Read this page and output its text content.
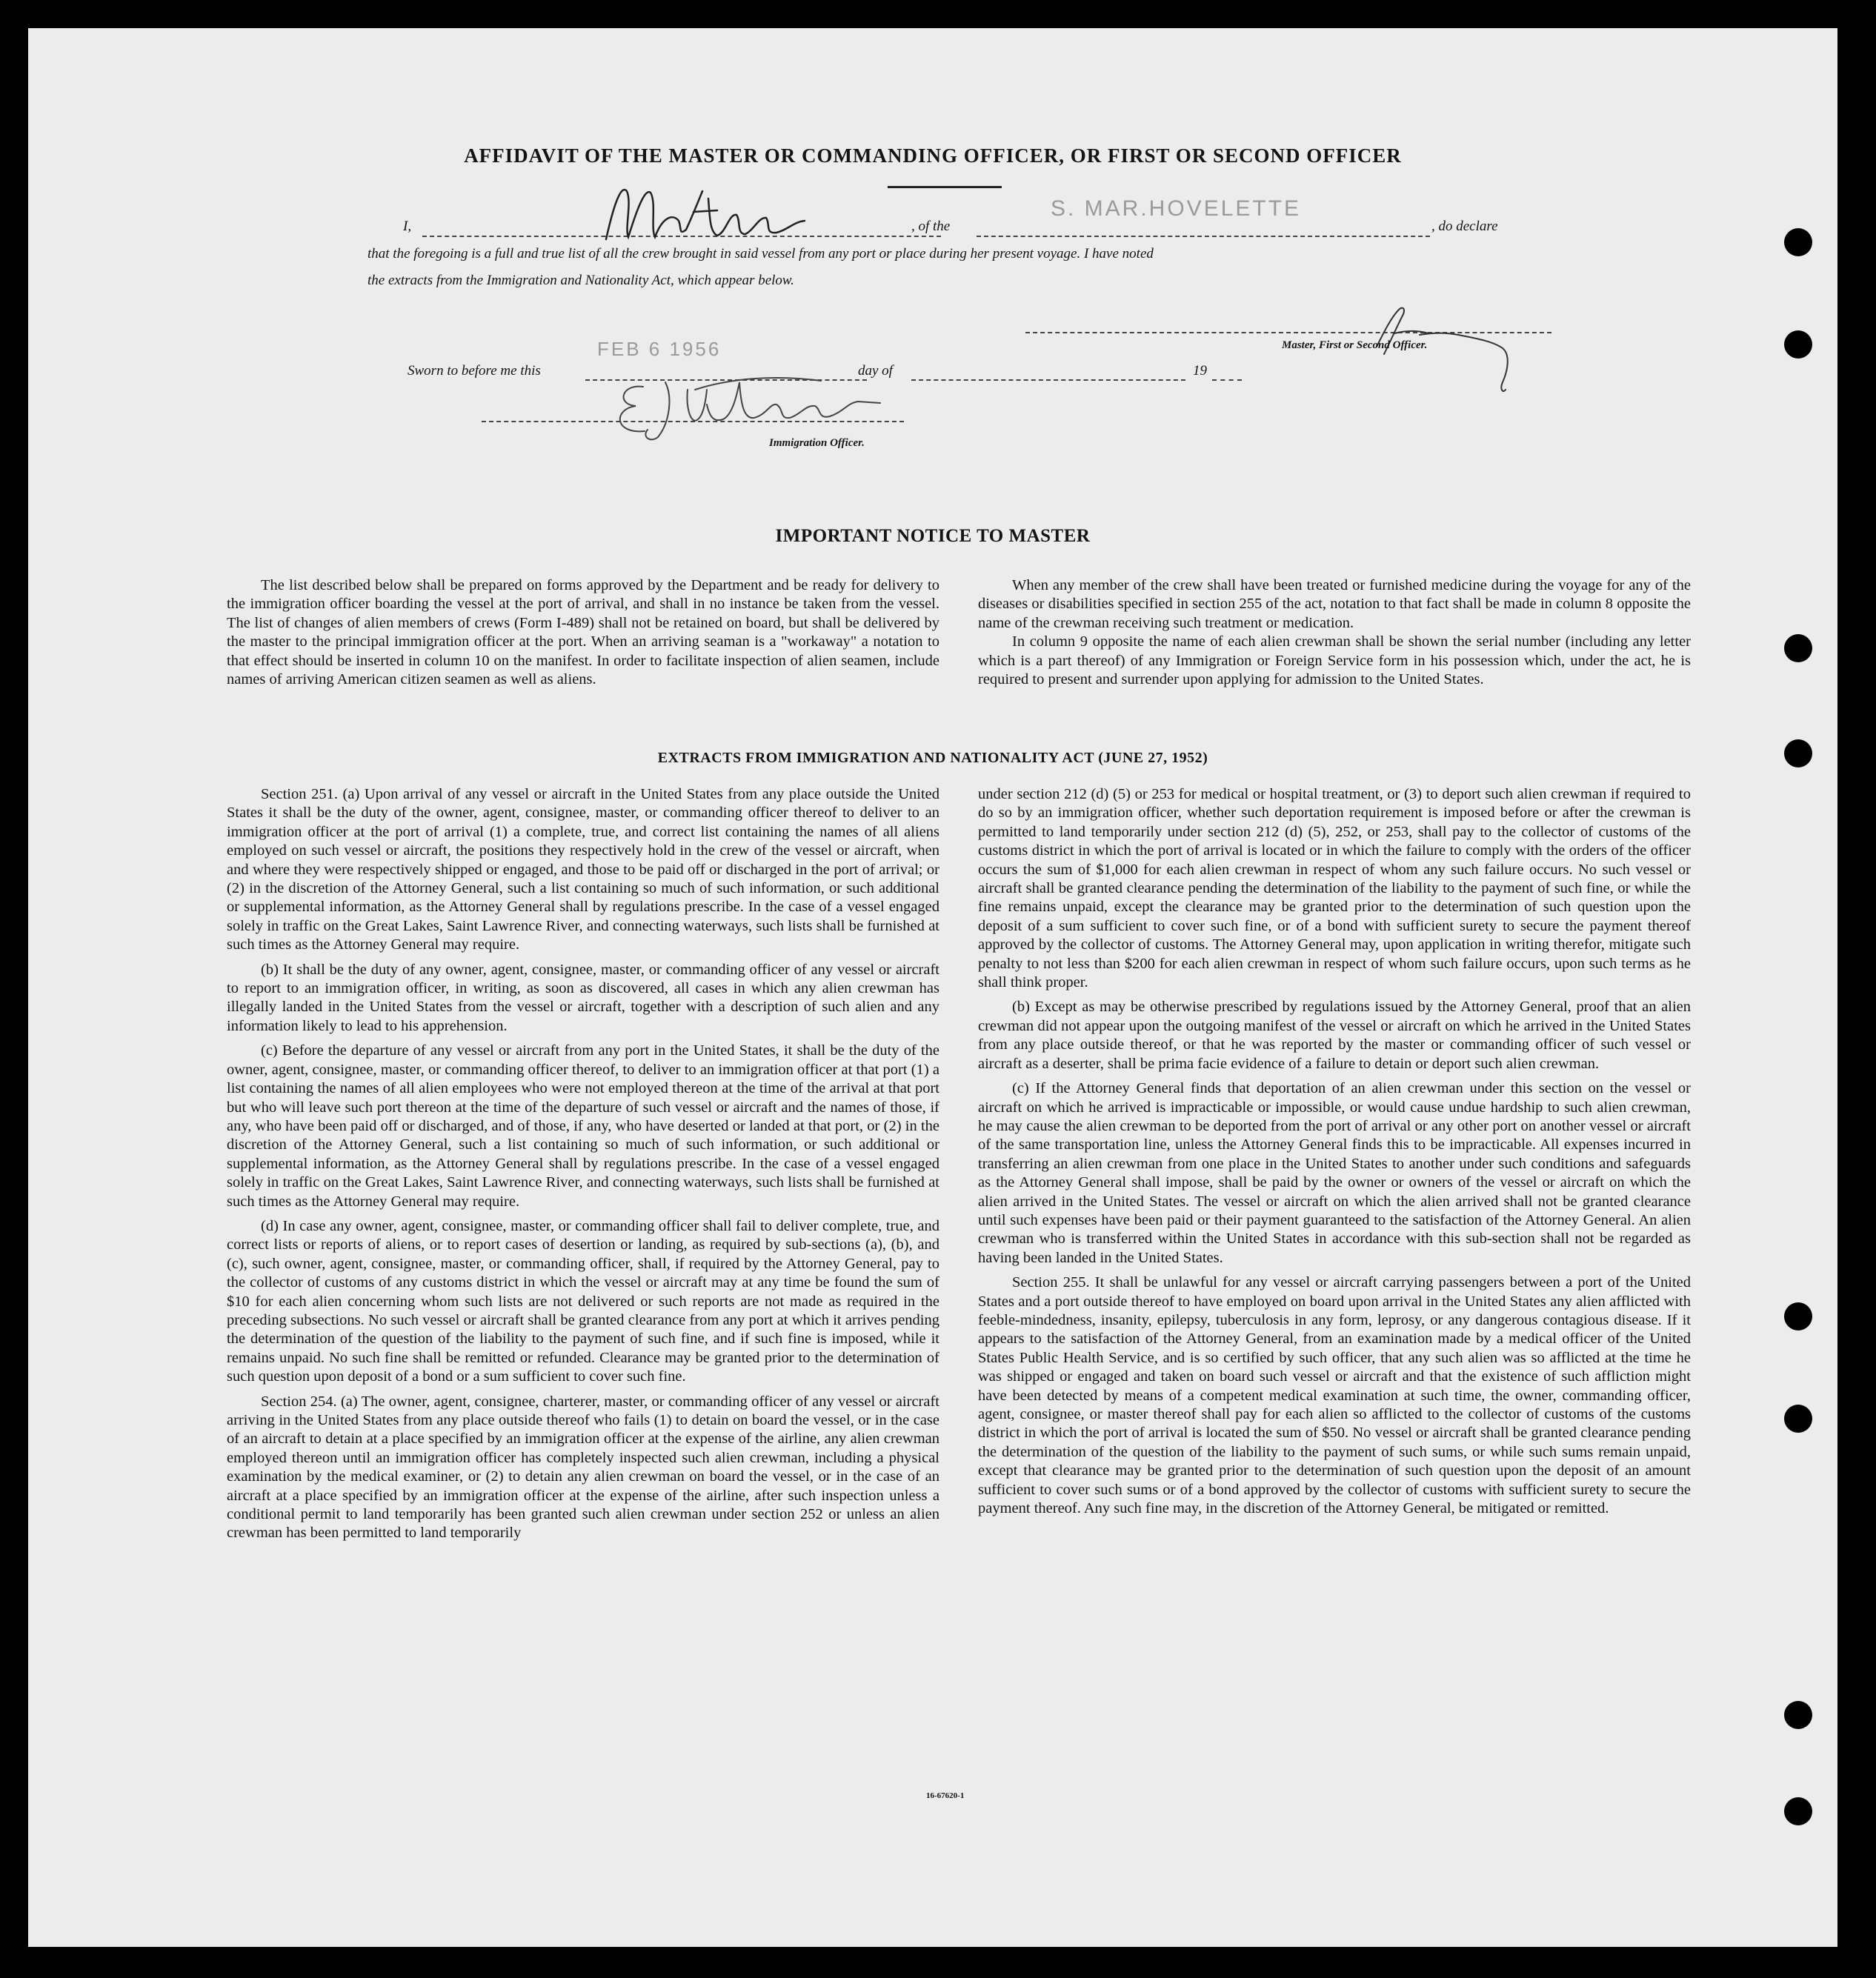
AFFIDAVIT OF THE MASTER OR COMMANDING OFFICER, OR FIRST OR SECOND OFFICER
I,	, of the
S. MAR.HOVELETTE
, do declare
that the foregoing is a full and true list of all the crew brought in said vessel from any port or place during her present voyage. I have noted
the extracts from the Immigration and Nationality Act, which appear below.
Master, First or Second Officer.
FEB 6 1956
Sworn to before me this	day of	19
Immigration Officer.
IMPORTANT NOTICE TO MASTER

The list described below shall be prepared on forms approved by the Department and be ready for delivery to the immigration officer boarding the vessel at the port of arrival, and shall in no instance be taken from the vessel. The list of changes of alien members of crews (Form I-489) shall not be retained on board, but shall be delivered by the master to the principal immigration officer at the port. When an arriving seaman is a "workaway" a notation to that effect should be inserted in column 10 on the manifest. In order to facilitate inspection of alien seamen, include names of arriving American citizen seamen as well as aliens.

When any member of the crew shall have been treated or furnished medicine during the voyage for any of the diseases or disabilities specified in section 255 of the act, notation to that fact shall be made in column 8 opposite the name of the crewman receiving such treatment or medication.

In column 9 opposite the name of each alien crewman shall be shown the serial number (including any letter which is a part thereof) of any Immigration or Foreign Service form in his possession which, under the act, he is required to present and surrender upon applying for admission to the United States.

EXTRACTS FROM IMMIGRATION AND NATIONALITY ACT (JUNE 27, 1952)

Section 251. (a) Upon arrival of any vessel or aircraft in the United States from any place outside the United States it shall be the duty of the owner, agent, consignee, master, or commanding officer thereof to deliver to an immigration officer at the port of arrival (1) a complete, true, and correct list containing the names of all aliens employed on such vessel or aircraft, the positions they respectively hold in the crew of the vessel or aircraft, when and where they were respectively shipped or engaged, and those to be paid off or discharged in the port of arrival; or (2) in the discretion of the Attorney General, such a list containing so much of such information, or such additional or supplemental information, as the Attorney General shall by regulations prescribe. In the case of a vessel engaged solely in traffic on the Great Lakes, Saint Lawrence River, and connecting waterways, such lists shall be furnished at such times as the Attorney General may require.

(b) It shall be the duty of any owner, agent, consignee, master, or commanding officer of any vessel or aircraft to report to an immigration officer, in writing, as soon as discovered, all cases in which any alien crewman has illegally landed in the United States from the vessel or aircraft, together with a description of such alien and any information likely to lead to his apprehension.

(c) Before the departure of any vessel or aircraft from any port in the United States, it shall be the duty of the owner, agent, consignee, master, or commanding officer thereof, to deliver to an immigration officer at that port (1) a list containing the names of all alien employees who were not employed thereon at the time of the arrival at that port but who will leave such port thereon at the time of the departure of such vessel or aircraft and the names of those, if any, who have been paid off or discharged, and of those, if any, who have deserted or landed at that port, or (2) in the discretion of the Attorney General, such a list containing so much of such information, or such additional or supplemental information, as the Attorney General shall by regulations prescribe. In the case of a vessel engaged solely in traffic on the Great Lakes, Saint Lawrence River, and connecting waterways, such lists shall be furnished at such times as the Attorney General may require.

(d) In case any owner, agent, consignee, master, or commanding officer shall fail to deliver complete, true, and correct lists or reports of aliens, or to report cases of desertion or landing, as required by sub-sections (a), (b), and (c), such owner, agent, consignee, master, or commanding officer, shall, if required by the Attorney General, pay to the collector of customs of any customs district in which the vessel or aircraft may at any time be found the sum of $10 for each alien concerning whom such lists are not delivered or such reports are not made as required in the preceding subsections. No such vessel or aircraft shall be granted clearance from any port at which it arrives pending the determination of the question of the liability to the payment of such fine, and if such fine is imposed, while it remains unpaid. No such fine shall be remitted or refunded. Clearance may be granted prior to the determination of such question upon deposit of a bond or a sum sufficient to cover such fine.

Section 254. (a) The owner, agent, consignee, charterer, master, or commanding officer of any vessel or aircraft arriving in the United States from any place outside thereof who fails (1) to detain on board the vessel, or in the case of an aircraft to detain at a place specified by an immigration officer at the expense of the airline, any alien crewman employed thereon until an immigration officer has completely inspected such alien crewman, including a physical examination by the medical examiner, or (2) to detain any alien crewman on board the vessel, or in the case of an aircraft at a place specified by an immigration officer at the expense of the airline, after such inspection unless a conditional permit to land temporarily has been granted such alien crewman under section 252 or unless an alien crewman has been permitted to land temporarily

under section 212 (d) (5) or 253 for medical or hospital treatment, or (3) to deport such alien crewman if required to do so by an immigration officer, whether such deportation requirement is imposed before or after the crewman is permitted to land temporarily under section 212 (d) (5), 252, or 253, shall pay to the collector of customs of the customs district in which the port of arrival is located or in which the failure to comply with the orders of the officer occurs the sum of $1,000 for each alien crewman in respect of whom any such failure occurs. No such vessel or aircraft shall be granted clearance pending the determination of the liability to the payment of such fine, or while the fine remains unpaid, except the clearance may be granted prior to the determination of such question upon the deposit of a sum sufficient to cover such fine, or of a bond with sufficient surety to secure the payment thereof approved by the collector of customs. The Attorney General may, upon application in writing therefor, mitigate such penalty to not less than $200 for each alien crewman in respect of whom such failure occurs, upon such terms as he shall think proper.

(b) Except as may be otherwise prescribed by regulations issued by the Attorney General, proof that an alien crewman did not appear upon the outgoing manifest of the vessel or aircraft on which he arrived in the United States from any place outside thereof, or that he was reported by the master or commanding officer of such vessel or aircraft as a deserter, shall be prima facie evidence of a failure to detain or deport such alien crewman.

(c) If the Attorney General finds that deportation of an alien crewman under this section on the vessel or aircraft on which he arrived is impracticable or impossible, or would cause undue hardship to such alien crewman, he may cause the alien crewman to be deported from the port of arrival or any other port on another vessel or aircraft of the same transportation line, unless the Attorney General finds this to be impracticable. All expenses incurred in transferring an alien crewman from one place in the United States to another under such conditions and safeguards as the Attorney General shall impose, shall be paid by the owner or owners of the vessel or aircraft on which the alien arrived in the United States. The vessel or aircraft on which the alien arrived shall not be granted clearance until such expenses have been paid or their payment guaranteed to the satisfaction of the Attorney General. An alien crewman who is transferred within the United States in accordance with this sub-section shall not be regarded as having been landed in the United States.

Section 255. It shall be unlawful for any vessel or aircraft carrying passengers between a port of the United States and a port outside thereof to have employed on board upon arrival in the United States any alien afflicted with feeble-mindedness, insanity, epilepsy, tuberculosis in any form, leprosy, or any dangerous contagious disease. If it appears to the satisfaction of the Attorney General, from an examination made by a medical officer of the United States Public Health Service, and is so certified by such officer, that any such alien was so afflicted at the time he was shipped or engaged and taken on board such vessel or aircraft and that the existence of such affliction might have been detected by means of a competent medical examination at such time, the owner, commanding officer, agent, consignee, or master thereof shall pay for each alien so afflicted to the collector of customs of the customs district in which the port of arrival is located the sum of $50. No vessel or aircraft shall be granted clearance pending the determination of the question of the liability to the payment of such sums, or while such sums remain unpaid, except that clearance may be granted prior to the determination of such question upon the deposit of an amount sufficient to cover such sums or of a bond approved by the collector of customs with sufficient surety to secure the payment thereof. Any such fine may, in the discretion of the Attorney General, be mitigated or remitted.

16-67620-1
